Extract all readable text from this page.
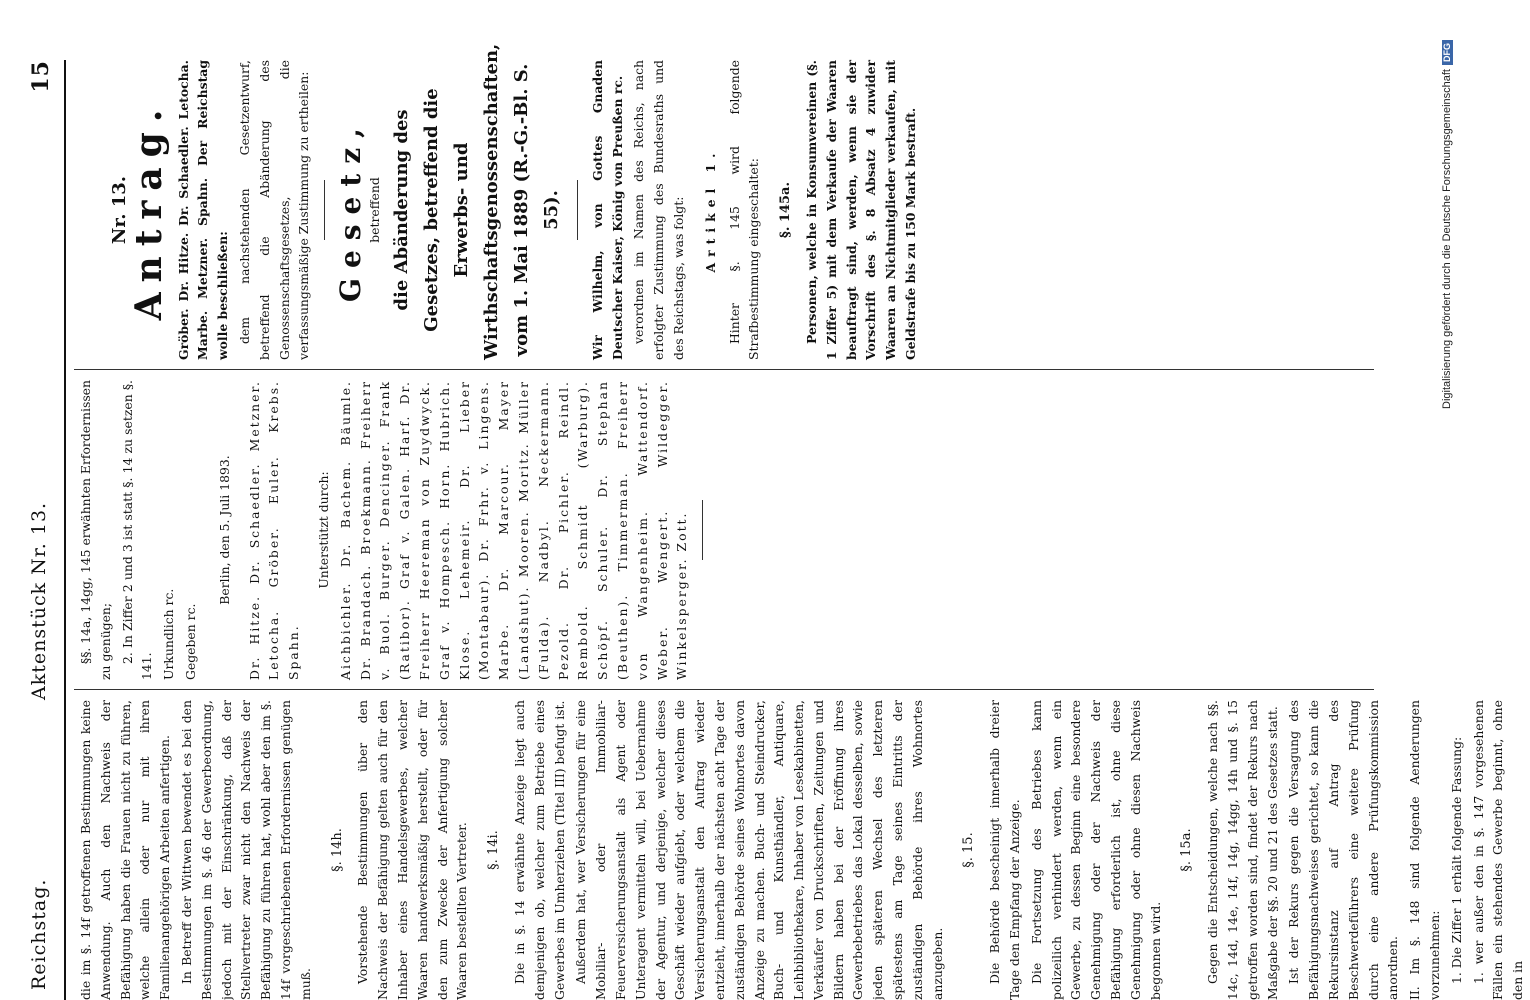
Reichstag.
Aktenstück Nr. 13.
15

die im §. 14f getroffenen Bestimmungen keine Anwendung. Auch den Nachweis der Befähigung haben die Frauen nicht zu führen, welche allein oder nur mit ihren Familienangehörigen Arbeiten anfertigen. In Betreff der Wittwen bewendet es bei den Bestimmungen im §. 46 der Gewerbeordnung, jedoch mit der Einschränkung, daß der Stellvertreter zwar nicht den Nachweis der Befähigung zu führen hat, wohl aber den im §. 14f vorgeschriebenen Erfordernissen genügen muß.

§. 14h. Vorstehende Bestimmungen über den Nachweis der Befähigung gelten auch für den Inhaber eines Handelsgewerbes, welcher Waaren handwerksmäßig herstellt, oder für den zum Zwecke der Anfertigung solcher Waaren bestellten Vertreter. §. 14i. Die in §. 14 erwähnte Anzeige liegt auch demjenigen ob, welcher zum Betriebe eines Gewerbes im Umherziehen (Titel III) befugt ist. Außerdem hat, wer Versicherungen für eine Mobiliar- oder Immobiliar-Feuerversicherungsanstalt als Agent oder Unteragent vermitteln will, bei Uebernahme der Agentur, und derjenige, welcher dieses Geschäft wieder aufgiebt, oder welchem die Versicherungsanstalt den Auftrag wieder entzieht, innerhalb der nächsten acht Tage der zuständigen Behörde seines Wohnortes davon Anzeige zu machen. Buch- und Steindrucker, Buch- und Kunsthändler, Antiquare, Leihbibliothekare, Inhaber von Lesekabinetten, Verkäufer von Druckschriften, Zeitungen und Bildern haben bei der Eröffnung ihres Gewerbebetriebes das Lokal desselben, sowie jeden späteren Wechsel des letzteren spätestens am Tage seines Eintritts der zuständigen Behörde ihres Wohnortes anzugeben.

§. 15. Die Behörde bescheinigt innerhalb dreier Tage den Empfang der Anzeige. Die Fortsetzung des Betriebes kann polizeilich verhindert werden, wenn ein Gewerbe, zu dessen Beginn eine besondere Genehmigung oder der Nachweis der Befähigung erforderlich ist, ohne diese Genehmigung oder ohne diesen Nachweis begonnen wird.

§. 15a. Gegen die Entscheidungen, welche nach §§. 14c, 14d, 14e, 14f, 14g, 14gg, 14h und §. 15 getroffen worden sind, findet der Rekurs nach Maßgabe der §§. 20 und 21 des Gesetzes statt. Ist der Rekurs gegen die Versagung des Befähigungsnachweises gerichtet, so kann die Rekursinstanz auf Antrag des Beschwerdeführers eine weitere Prüfung durch eine andere Prüfungskommission anordnen. II. Im §. 148 sind folgende Aenderungen vorzunehmen: 1. Die Ziffer 1 erhält folgende Fassung: 1. wer außer den in §. 147 vorgesehenen Fällen ein stehendes Gewerbe beginnt, ohne den in

§§. 14a, 14gg, 145 erwähnten Erfordernissen zu genügen; 2. In Ziffer 2 und 3 ist statt §. 14 zu setzen §. 141. Urkundlich rc. Gegeben rc.

Berlin, den 5. Juli 1893. Dr. Hitze. Dr. Schaedler. Metzner. Letocha. Gröber. Euler. Krebs. Spahn.

Unterstützt durch: Aichbichler. Dr. Bachem. Bäumle. Dr. Brandach. Broekmann. Freiherr v. Buol. Burger. Dencinger. Frank (Ratibor). Graf v. Galen. Harf. Dr. Freiherr Heereman von Zuydwyck. Graf v. Hompesch. Horn. Hubrich. Klose. Lehemeir. Dr. Lieber (Montabaur). Dr. Frhr. v. Lingens. Marbe. Dr. Marcour. Mayer (Landshut). Mooren. Moritz. Müller (Fulda). Nadbyl. Neckermann. Pezold. Dr. Pichler. Reindl. Rembold. Schmidt (Warburg). Schöpf. Schuler. Dr. Stephan (Beuthen). Timmerman. Freiherr von Wangenheim. Wattendorf. Weber. Wengert. Wildegger. Winkelsperger. Zott.

Nr. 13.
Antrag. Gröber. Dr. Hitze. Dr. Schaedler. Letocha. Marbe. Metzner. Spahn. Der Reichstag wolle beschließen: dem nachstehenden Gesetzentwurf, betreffend die Abänderung des Genossenschaftsgesetzes, die verfassungsmäßige Zustimmung zu ertheilen: Gesetz, betreffend die Abänderung des Gesetzes, betreffend die Erwerbs- und Wirthschaftsgenossenschaften, vom 1. Mai 1889 (R.-G.-Bl. S. 55).	Wir Wilhelm, von Gottes Gnaden Deutscher Kaiser, König von Preußen rc. verordnen im Namen des Reichs, nach erfolgter Zustimmung des Bundesraths und des Reichstags, was folgt: Artikel 1. Hinter §. 145 wird folgende Strafbestimmung eingeschaltet: §. 145a. Personen, welche in Konsumvereinen (§. 1 Ziffer 5) mit dem Verkaufe der Waaren beauftragt sind, werden, wenn sie der Vorschrift des §. 8 Absatz 4 zuwider Waaren an Nichtmitglieder verkaufen, mit Geldstrafe bis zu 150 Mark bestraft.	Digitalisierung gefördert durch die Deutsche ForschungsgemeinschaftDFG
